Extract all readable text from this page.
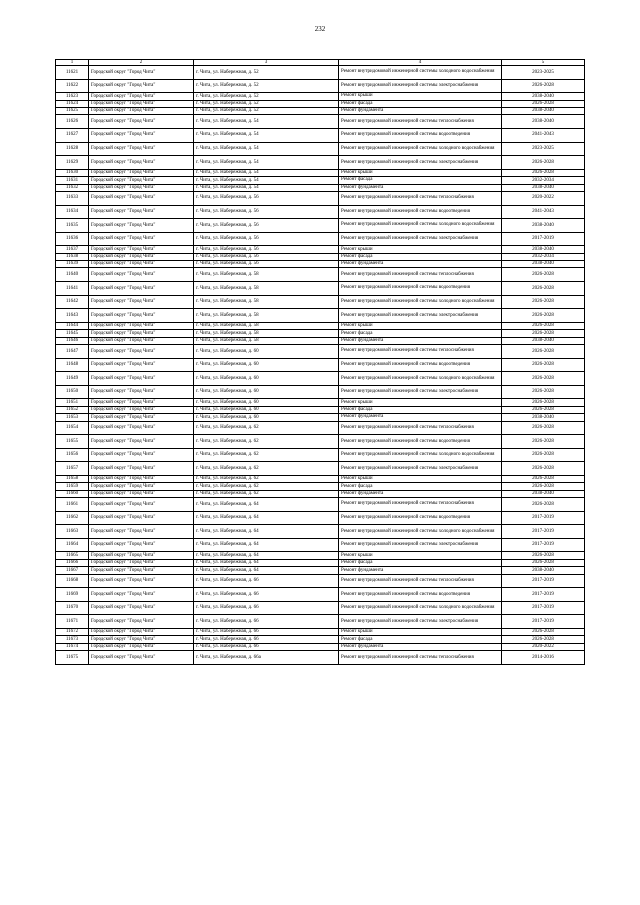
232
1	2	3	4	5
11621	Городской округ "Город Чита"	г. Чита, ул. Набережная, д. 52	Ремонт внутридомовой инженерной системы холодного водоснабжения	2023-2025
11622	Городской округ "Город Чита"	г. Чита, ул. Набережная, д. 52	Ремонт внутридомовой инженерной системы электроснабжения	2026-2028
11623	Городской округ "Город Чита"	г. Чита, ул. Набережная, д. 52	Ремонт крыши	2038-2040
11624	Городской округ "Город Чита"	г. Чита, ул. Набережная, д. 52	Ремонт фасада	2026-2028
11625	Городской округ "Город Чита"	г. Чита, ул. Набережная, д. 52	Ремонт фундамента	2038-2040
11626	Городской округ "Город Чита"	г. Чита, ул. Набережная, д. 54	Ремонт внутридомовой инженерной системы теплоснабжения	2038-2040
11627	Городской округ "Город Чита"	г. Чита, ул. Набережная, д. 54	Ремонт внутридомовой инженерной системы водоотведения	2041-2043
11628	Городской округ "Город Чита"	г. Чита, ул. Набережная, д. 54	Ремонт внутридомовой инженерной системы холодного водоснабжения	2023-2025
11629	Городской округ "Город Чита"	г. Чита, ул. Набережная, д. 54	Ремонт внутридомовой инженерной системы электроснабжения	2026-2028
11630	Городской округ "Город Чита"	г. Чита, ул. Набережная, д. 54	Ремонт крыши	2026-2028
11631	Городской округ "Город Чита"	г. Чита, ул. Набережная, д. 54	Ремонт фасада	2032-2034
11632	Городской округ "Город Чита"	г. Чита, ул. Набережная, д. 54	Ремонт фундамента	2038-2040
11633	Городской округ "Город Чита"	г. Чита, ул. Набережная, д. 56	Ремонт внутридомовой инженерной системы теплоснабжения	2020-2022
11634	Городской округ "Город Чита"	г. Чита, ул. Набережная, д. 56	Ремонт внутридомовой инженерной системы водоотведения	2041-2043
11635	Городской округ "Город Чита"	г. Чита, ул. Набережная, д. 56	Ремонт внутридомовой инженерной системы холодного водоснабжения	2038-2040
11636	Городской округ "Город Чита"	г. Чита, ул. Набережная, д. 56	Ремонт внутридомовой инженерной системы электроснабжения	2017-2019
11637	Городской округ "Город Чита"	г. Чита, ул. Набережная, д. 56	Ремонт крыши	2038-2040
11638	Городской округ "Город Чита"	г. Чита, ул. Набережная, д. 56	Ремонт фасада	2032-2034
11639	Городской округ "Город Чита"	г. Чита, ул. Набережная, д. 56	Ремонт фундамента	2038-2040
11640	Городской округ "Город Чита"	г. Чита, ул. Набережная, д. 58	Ремонт внутридомовой инженерной системы теплоснабжения	2026-2028
11641	Городской округ "Город Чита"	г. Чита, ул. Набережная, д. 58	Ремонт внутридомовой инженерной системы водоотведения	2026-2028
11642	Городской округ "Город Чита"	г. Чита, ул. Набережная, д. 58	Ремонт внутридомовой инженерной системы холодного водоснабжения	2026-2028
11643	Городской округ "Город Чита"	г. Чита, ул. Набережная, д. 58	Ремонт внутридомовой инженерной системы электроснабжения	2026-2028
11644	Городской округ "Город Чита"	г. Чита, ул. Набережная, д. 58	Ремонт крыши	2026-2028
11645	Городской округ "Город Чита"	г. Чита, ул. Набережная, д. 58	Ремонт фасада	2026-2028
11646	Городской округ "Город Чита"	г. Чита, ул. Набережная, д. 58	Ремонт фундамента	2038-2040
11647	Городской округ "Город Чита"	г. Чита, ул. Набережная, д. 60	Ремонт внутридомовой инженерной системы теплоснабжения	2026-2028
11648	Городской округ "Город Чита"	г. Чита, ул. Набережная, д. 60	Ремонт внутридомовой инженерной системы водоотведения	2026-2028
11649	Городской округ "Город Чита"	г. Чита, ул. Набережная, д. 60	Ремонт внутридомовой инженерной системы холодного водоснабжения	2026-2028
11650	Городской округ "Город Чита"	г. Чита, ул. Набережная, д. 60	Ремонт внутридомовой инженерной системы электроснабжения	2026-2028
11651	Городской округ "Город Чита"	г. Чита, ул. Набережная, д. 60	Ремонт крыши	2026-2028
11652	Городской округ "Город Чита"	г. Чита, ул. Набережная, д. 60	Ремонт фасада	2026-2028
11653	Городской округ "Город Чита"	г. Чита, ул. Набережная, д. 60	Ремонт фундамента	2038-2040
11654	Городской округ "Город Чита"	г. Чита, ул. Набережная, д. 62	Ремонт внутридомовой инженерной системы теплоснабжения	2026-2028
11655	Городской округ "Город Чита"	г. Чита, ул. Набережная, д. 62	Ремонт внутридомовой инженерной системы водоотведения	2026-2028
11656	Городской округ "Город Чита"	г. Чита, ул. Набережная, д. 62	Ремонт внутридомовой инженерной системы холодного водоснабжения	2026-2028
11657	Городской округ "Город Чита"	г. Чита, ул. Набережная, д. 62	Ремонт внутридомовой инженерной системы электроснабжения	2026-2028
11658	Городской округ "Город Чита"	г. Чита, ул. Набережная, д. 62	Ремонт крыши	2026-2028
11659	Городской округ "Город Чита"	г. Чита, ул. Набережная, д. 62	Ремонт фасада	2026-2028
11660	Городской округ "Город Чита"	г. Чита, ул. Набережная, д. 62	Ремонт фундамента	2038-2040
11661	Городской округ "Город Чита"	г. Чита, ул. Набережная, д. 64	Ремонт внутридомовой инженерной системы теплоснабжения	2026-2028
11662	Городской округ "Город Чита"	г. Чита, ул. Набережная, д. 64	Ремонт внутридомовой инженерной системы водоотведения	2017-2019
11663	Городской округ "Город Чита"	г. Чита, ул. Набережная, д. 64	Ремонт внутридомовой инженерной системы холодного водоснабжения	2017-2019
11664	Городской округ "Город Чита"	г. Чита, ул. Набережная, д. 64	Ремонт внутридомовой инженерной системы электроснабжения	2017-2019
11665	Городской округ "Город Чита"	г. Чита, ул. Набережная, д. 64	Ремонт крыши	2026-2028
11666	Городской округ "Город Чита"	г. Чита, ул. Набережная, д. 64	Ремонт фасада	2026-2028
11667	Городской округ "Город Чита"	г. Чита, ул. Набережная, д. 64	Ремонт фундамента	2038-2040
11668	Городской округ "Город Чита"	г. Чита, ул. Набережная, д. 66	Ремонт внутридомовой инженерной системы теплоснабжения	2017-2019
11669	Городской округ "Город Чита"	г. Чита, ул. Набережная, д. 66	Ремонт внутридомовой инженерной системы водоотведения	2017-2019
11670	Городской округ "Город Чита"	г. Чита, ул. Набережная, д. 66	Ремонт внутридомовой инженерной системы холодного водоснабжения	2017-2019
11671	Городской округ "Город Чита"	г. Чита, ул. Набережная, д. 66	Ремонт внутридомовой инженерной системы электроснабжения	2017-2019
11672	Городской округ "Город Чита"	г. Чита, ул. Набережная, д. 66	Ремонт крыши	2026-2028
11673	Городской округ "Город Чита"	г. Чита, ул. Набережная, д. 66	Ремонт фасада	2026-2028
11674	Городской округ "Город Чита"	г. Чита, ул. Набережная, д. 66	Ремонт фундамента	2020-2022
11675	Городской округ "Город Чита"	г. Чита, ул. Набережная, д. 66а	Ремонт внутридомовой инженерной системы теплоснабжения	2014-2016
